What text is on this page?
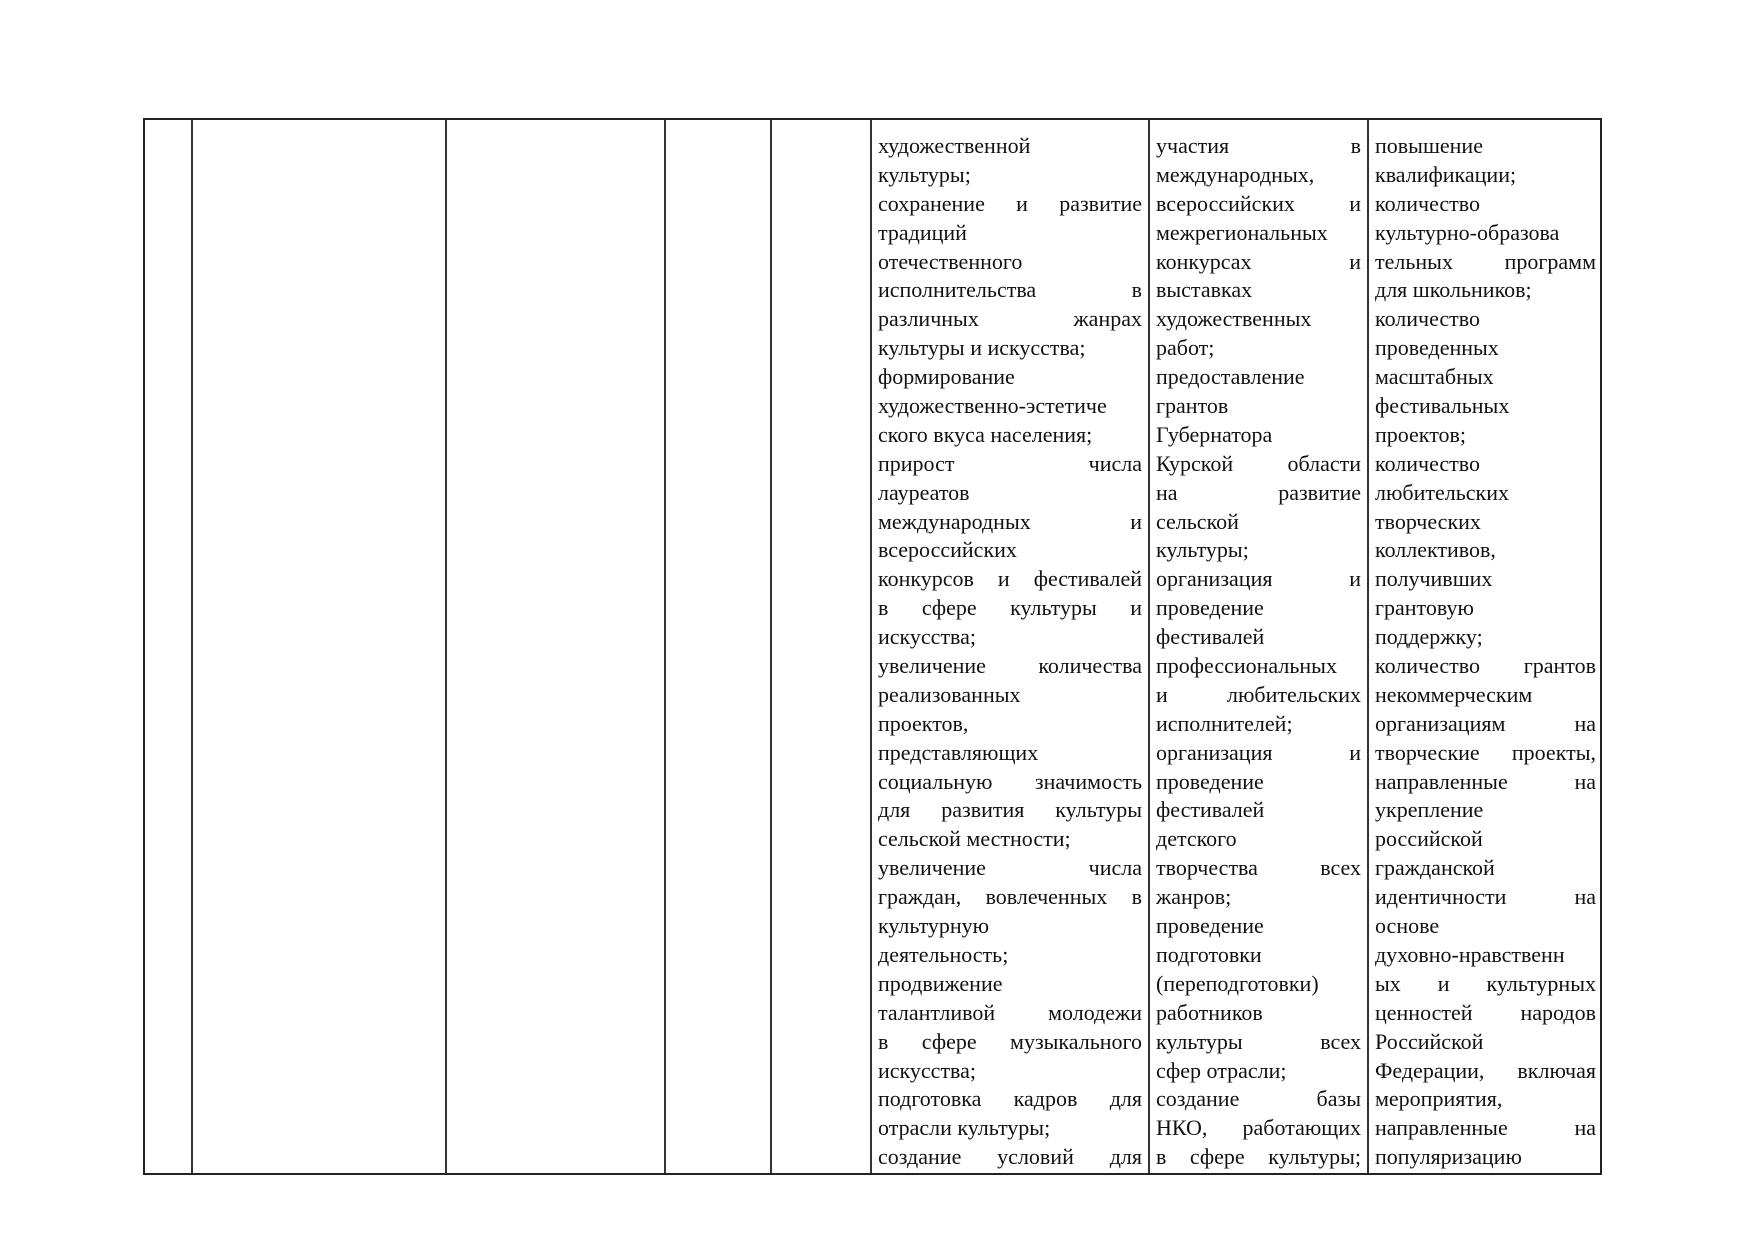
художественной
культуры;
сохранение и развитие
традиций
отечественного
исполнительства в
различных жанрах
культуры и искусства;
формирование
художественно-эстетиче
ского вкуса населения;
прирост числа
лауреатов
международных и
всероссийских
конкурсов и фестивалей
в сфере культуры и
искусства;
увеличение количества
реализованных
проектов,
представляющих
социальную значимость
для развития культуры
сельской местности;
увеличение числа
граждан, вовлеченных в
культурную
деятельность;
продвижение
талантливой молодежи
в сфере музыкального
искусства;
подготовка кадров для
отрасли культуры;
создание условий для
участия в
международных,
всероссийских и
межрегиональных
конкурсах и
выставках
художественных
работ;
предоставление
грантов
Губернатора
Курской области
на развитие
сельской
культуры;
организация и
проведение
фестивалей
профессиональных
и любительских
исполнителей;
организация и
проведение
фестивалей
детского
творчества всех
жанров;
проведение
подготовки
(переподготовки)
работников
культуры всех
сфер отрасли;
создание базы
НКО, работающих
в сфере культуры;
повышение
квалификации;
количество
культурно-образова
тельных программ
для школьников;
количество
проведенных
масштабных
фестивальных
проектов;
количество
любительских
творческих
коллективов,
получивших
грантовую
поддержку;
количество грантов
некоммерческим
организациям на
творческие проекты,
направленные на
укрепление
российской
гражданской
идентичности на
основе
духовно-нравственн
ых и культурных
ценностей народов
Российской
Федерации, включая
мероприятия,
направленные на
популяризацию
